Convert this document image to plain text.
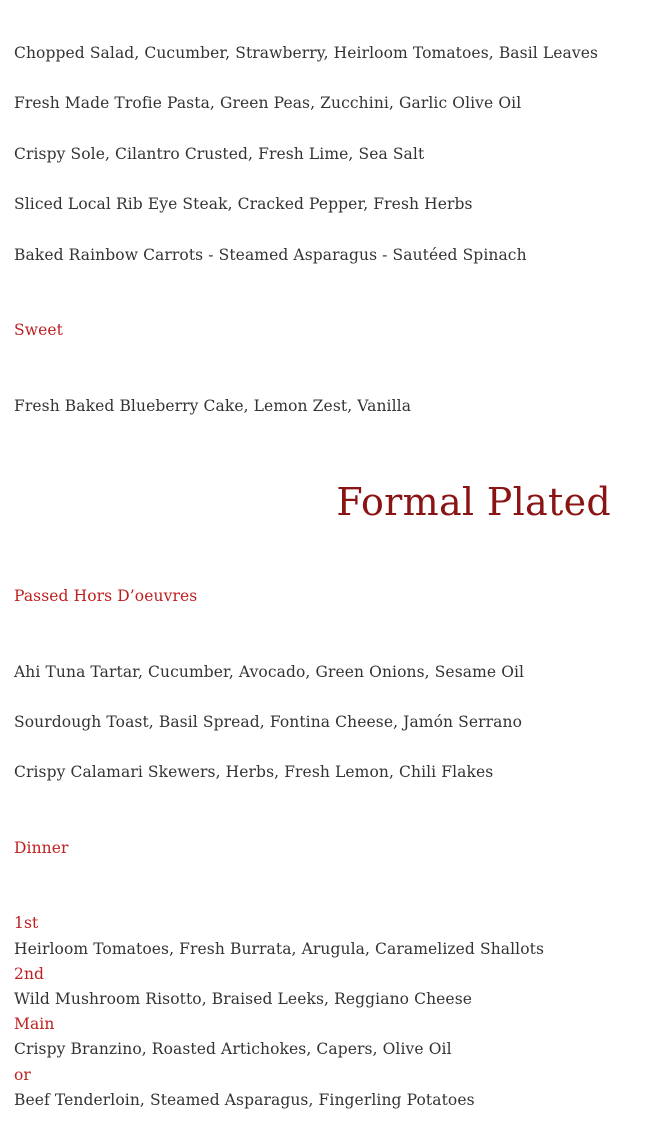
Chopped Salad, Cucumber, Strawberry, Heirloom Tomatoes, Basil Leaves
Fresh Made Trofie Pasta, Green Peas, Zucchini, Garlic Olive Oil
Crispy Sole, Cilantro Crusted, Fresh Lime, Sea Salt
Sliced Local Rib Eye Steak, Cracked Pepper, Fresh Herbs
Baked Rainbow Carrots - Steamed Asparagus - Sautéed Spinach
Sweet
Fresh Baked Blueberry Cake, Lemon Zest, Vanilla
Formal Plated
Passed Hors D’oeuvres
Ahi Tuna Tartar, Cucumber, Avocado, Green Onions, Sesame Oil
Sourdough Toast, Basil Spread, Fontina Cheese, Jamón Serrano
Crispy Calamari Skewers, Herbs, Fresh Lemon, Chili Flakes
Dinner
1st
Heirloom Tomatoes, Fresh Burrata, Arugula, Caramelized Shallots
2nd
Wild Mushroom Risotto, Braised Leeks, Reggiano Cheese
Main
Crispy Branzino, Roasted Artichokes, Capers, Olive Oil
or
Beef Tenderloin, Steamed Asparagus, Fingerling Potatoes
